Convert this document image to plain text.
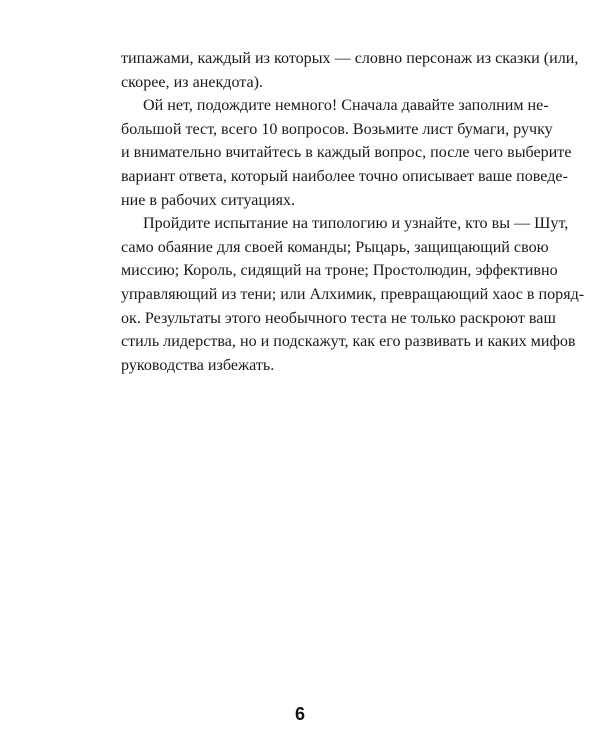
типажами, каждый из которых — словно персонаж из сказки (или,
скорее, из анекдота).
Ой нет, подождите немного! Сначала давайте заполним не-
большой тест, всего 10 вопросов. Возьмите лист бумаги, ручку
и внимательно вчитайтесь в каждый вопрос, после чего выберите
вариант ответа, который наиболее точно описывает ваше поведе-
ние в рабочих ситуациях.
Пройдите испытание на типологию и узнайте, кто вы — Шут,
само обаяние для своей команды; Рыцарь, защищающий свою
миссию; Король, сидящий на троне; Простолюдин, эффективно
управляющий из тени; или Алхимик, превращающий хаос в поряд-
ок. Результаты этого необычного теста не только раскроют ваш
стиль лидерства, но и подскажут, как его развивать и каких мифов
руководства избежать.
6
